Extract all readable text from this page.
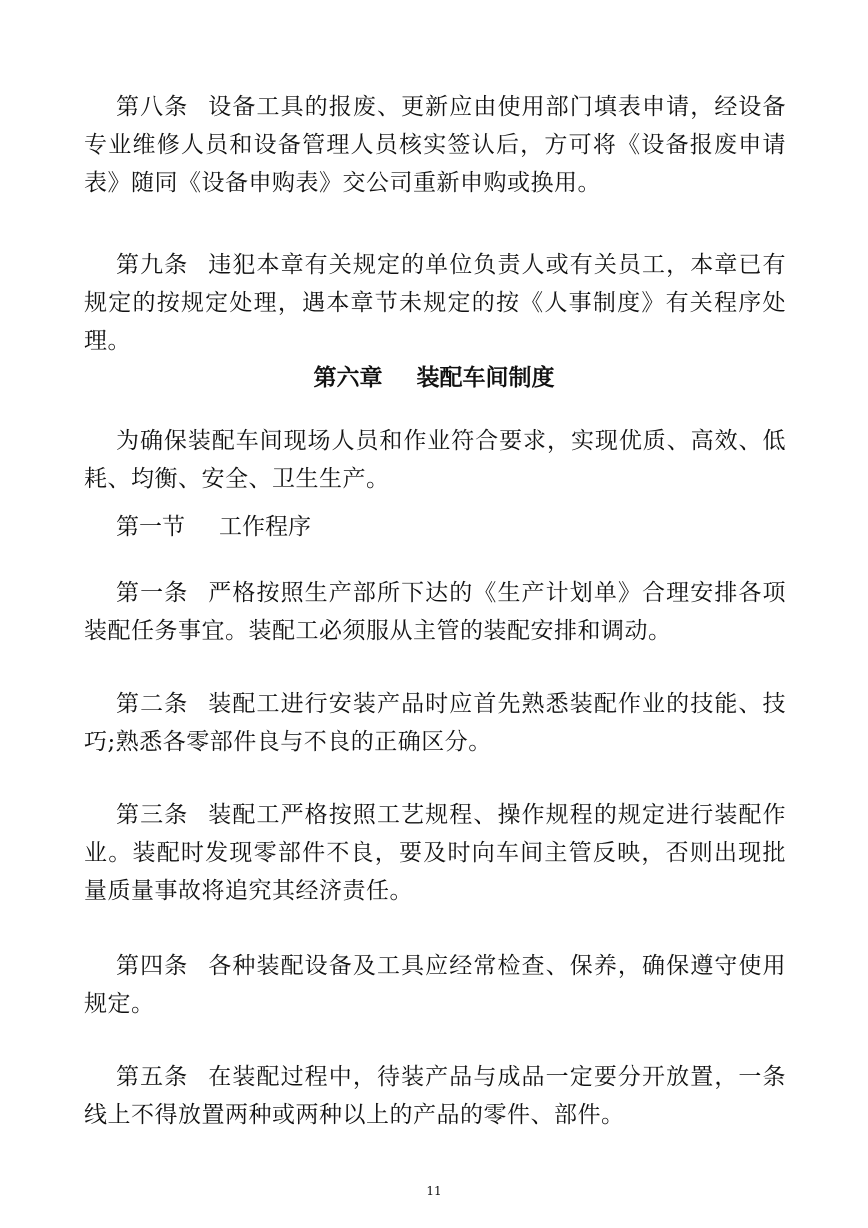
第八条 设备工具的报废、更新应由使用部门填表申请，经设备专业维修人员和设备管理人员核实签认后，方可将《设备报废申请表》随同《设备申购表》交公司重新申购或换用。

第九条 违犯本章有关规定的单位负责人或有关员工，本章已有规定的按规定处理，遇本章节未规定的按《人事制度》有关程序处理。

第六章 装配车间制度

为确保装配车间现场人员和作业符合要求，实现优质、高效、低耗、均衡、安全、卫生生产。

第一节 工作程序

第一条 严格按照生产部所下达的《生产计划单》合理安排各项装配任务事宜。装配工必须服从主管的装配安排和调动。

第二条 装配工进行安装产品时应首先熟悉装配作业的技能、技巧;熟悉各零部件良与不良的正确区分。

第三条 装配工严格按照工艺规程、操作规程的规定进行装配作业。装配时发现零部件不良，要及时向车间主管反映，否则出现批量质量事故将追究其经济责任。

第四条 各种装配设备及工具应经常检查、保养，确保遵守使用规定。

第五条 在装配过程中，待装产品与成品一定要分开放置，一条线上不得放置两种或两种以上的产品的零件、部件。

11
